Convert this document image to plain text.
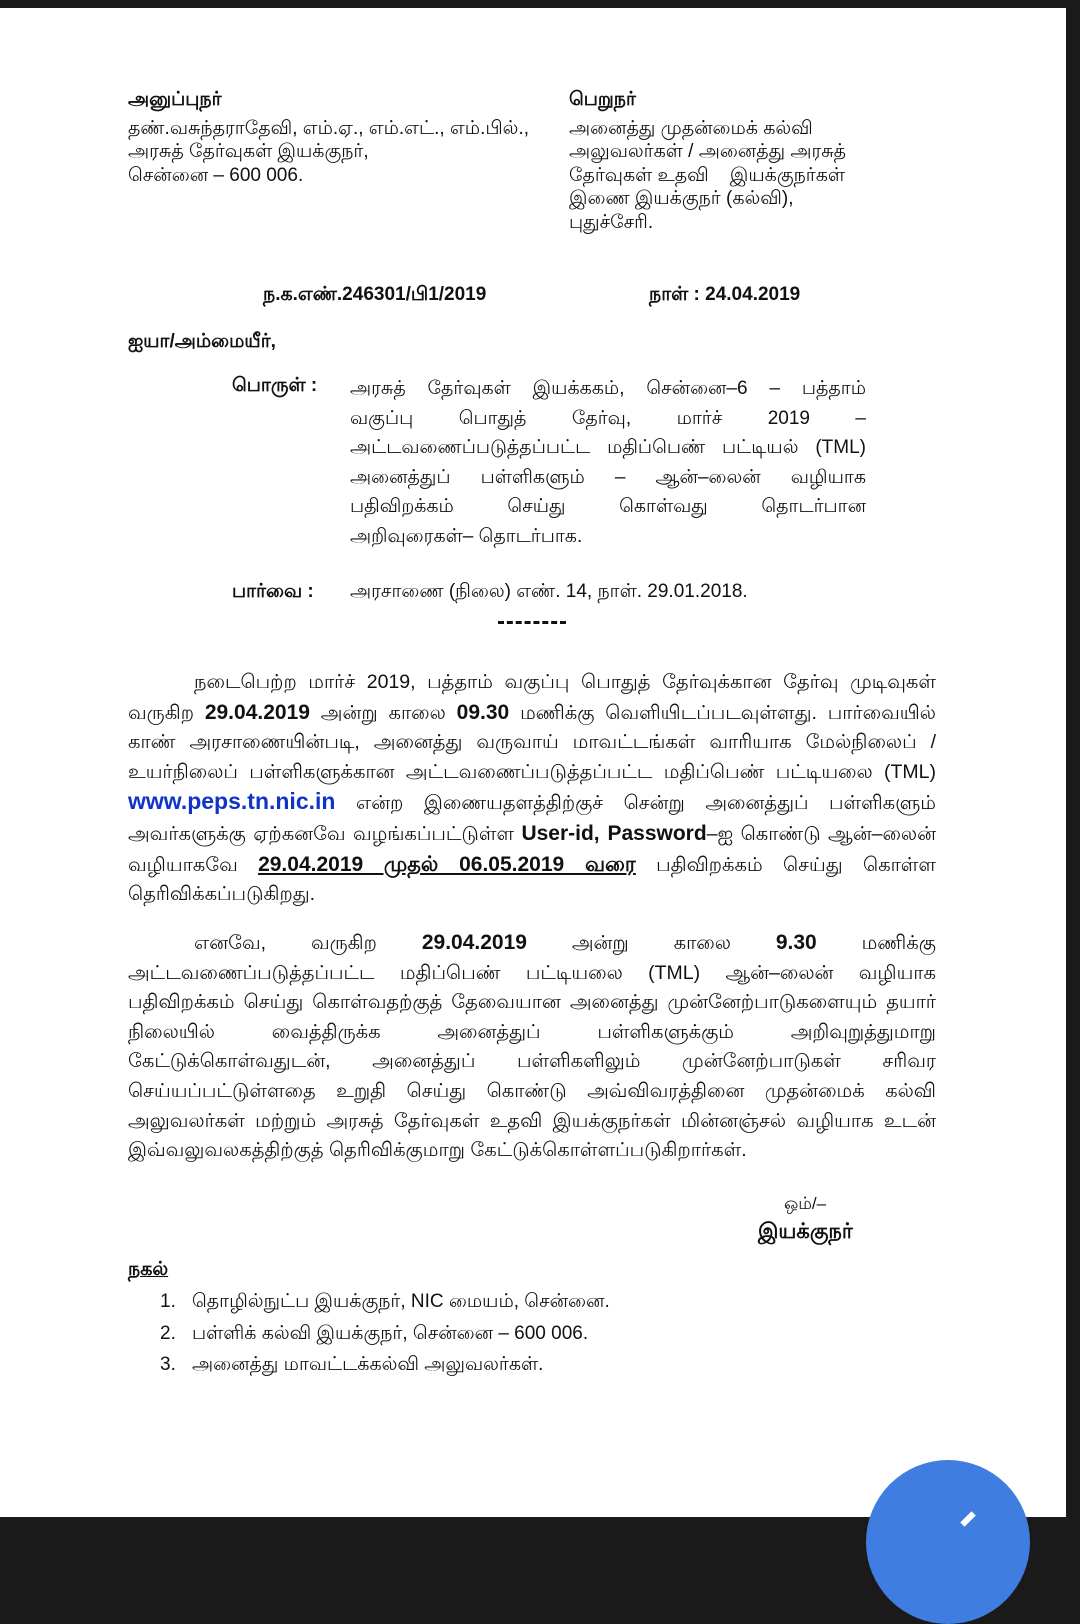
அனுப்புநர்
தண்.வசுந்தராதேவி, எம்.ஏ., எம்.எட்., எம்.பில்.,
அரசுத் தேர்வுகள் இயக்குநர்,
சென்னை – 600 006.
பெறுநர்
அனைத்து முதன்மைக் கல்வி
அலுவலர்கள் / அனைத்து அரசுத்
தேர்வுகள் உதவி    இயக்குநர்கள்
இணை இயக்குநர் (கல்வி),
புதுச்சேரி.
ந.க.எண்.246301/பி1/2019	நாள் : 24.04.2019
ஐயா/அம்மையீர்,
பொருள் : அரசுத் தேர்வுகள் இயக்ககம், சென்னை–6 – பத்தாம்
வகுப்பு பொதுத் தேர்வு, மார்ச் 2019 –
அட்டவணைப்படுத்தப்பட்ட மதிப்பெண் பட்டியல் (TML)
அனைத்துப் பள்ளிகளும் – ஆன்–லைன் வழியாக
பதிவிறக்கம் செய்து கொள்வது தொடர்பான
அறிவுரைகள்– தொடர்பாக.
பார்வை : அரசாணை (நிலை) எண். 14, நாள். 29.01.2018.
நடைபெற்ற மார்ச் 2019, பத்தாம் வகுப்பு பொதுத் தேர்வுக்கான தேர்வு முடிவுகள் வருகிற 29.04.2019 அன்று காலை 09.30 மணிக்கு வெளியிடப்படவுள்ளது. பார்வையில் காண் அரசாணையின்படி, அனைத்து வருவாய் மாவட்டங்கள் வாரியாக மேல்நிலைப் / உயர்நிலைப் பள்ளிகளுக்கான அட்டவணைப்படுத்தப்பட்ட மதிப்பெண் பட்டியலை (TML) www.peps.tn.nic.in என்ற இணையதளத்திற்குச் சென்று அனைத்துப் பள்ளிகளும் அவர்களுக்கு ஏற்கனவே வழங்கப்பட்டுள்ள User-id, Password–ஐ கொண்டு ஆன்–லைன் வழியாகவே 29.04.2019 முதல் 06.05.2019 வரை பதிவிறக்கம் செய்து கொள்ள தெரிவிக்கப்படுகிறது.
எனவே, வருகிற 29.04.2019 அன்று காலை 9.30 மணிக்கு அட்டவணைப்படுத்தப்பட்ட மதிப்பெண் பட்டியலை (TML) ஆன்–லைன் வழியாக பதிவிறக்கம் செய்து கொள்வதற்குத் தேவையான அனைத்து முன்னேற்பாடுகளையும் தயார் நிலையில் வைத்திருக்க அனைத்துப் பள்ளிகளுக்கும் அறிவுறுத்துமாறு கேட்டுக்கொள்வதுடன், அனைத்துப் பள்ளிகளிலும் முன்னேற்பாடுகள் சரிவர செய்யப்பட்டுள்ளதை உறுதி செய்து கொண்டு அவ்விவரத்தினை முதன்மைக் கல்வி அலுவலர்கள் மற்றும் அரசுத் தேர்வுகள் உதவி இயக்குநர்கள் மின்னஞ்சல் வழியாக உடன் இவ்வலுவலகத்திற்குத் தெரிவிக்குமாறு கேட்டுக்கொள்ளப்படுகிறார்கள்.
ஒம்/–
இயக்குநர்
நகல்
1. தொழில்நுட்ப இயக்குநர், NIC மையம், சென்னை.
2. பள்ளிக் கல்வி இயக்குநர், சென்னை – 600 006.
3. அனைத்து மாவட்டக்கல்வி அலுவலர்கள்.
